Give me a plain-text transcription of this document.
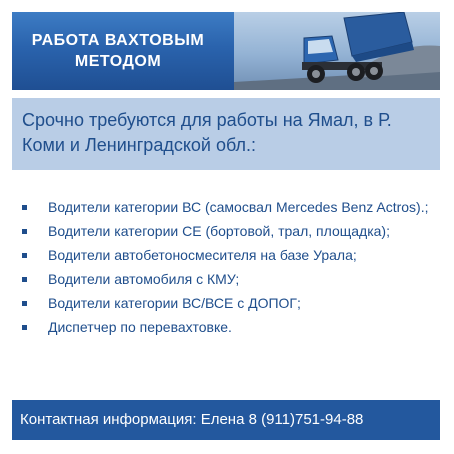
РАБОТА ВАХТОВЫМ
МЕТОДОМ
Срочно требуются для работы на Ямал, в Р. Коми и Ленинградской обл.:
Водители категории ВС (самосвал Mercedes Benz Actros).;
Водители категории СЕ (бортовой, трал, площадка);
Водители автобетоносмесителя на базе Урала;
Водители автомобиля с КМУ;
Водители категории ВС/ВСЕ с ДОПОГ;
Диспетчер по перевахтовке.
Контактная информация: Елена 8 (911)751-94-88
